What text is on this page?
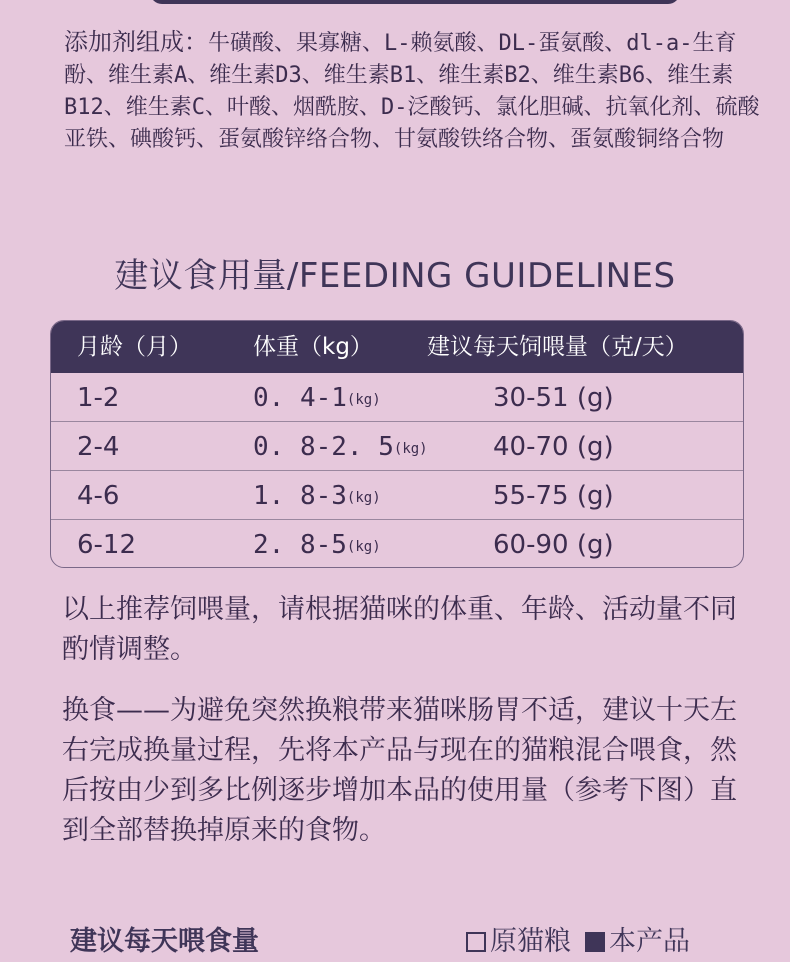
添加剂组成：牛磺酸、果寡糖、L-赖氨酸、DL-蛋氨酸、dl-a-生育酚、维生素A、维生素D3、维生素B1、维生素B2、维生素B6、维生素B12、维生素C、叶酸、烟酰胺、D-泛酸钙、氯化胆碱、抗氧化剂、硫酸亚铁、碘酸钙、蛋氨酸锌络合物、甘氨酸铁络合物、蛋氨酸铜络合物
建议食用量/FEEDING GUIDELINES
月龄（月）	体重（kg） 建议每天饲喂量（克/天）
1-2	0. 4-1(kg)	30-51 (g)
2-4	0. 8-2. 5(kg)	40-70 (g)
4-6	1. 8-3(kg)	55-75 (g)
6-12	2. 8-5(kg)	60-90 (g)
以上推荐饲喂量，请根据猫咪的体重、年龄、活动量不同酌情调整。
换食——为避免突然换粮带来猫咪肠胃不适，建议十天左右完成换量过程，先将本产品与现在的猫粮混合喂食，然后按由少到多比例逐步增加本品的使用量（参考下图）直到全部替换掉原来的食物。
建议每天喂食量	原猫粮 本产品
